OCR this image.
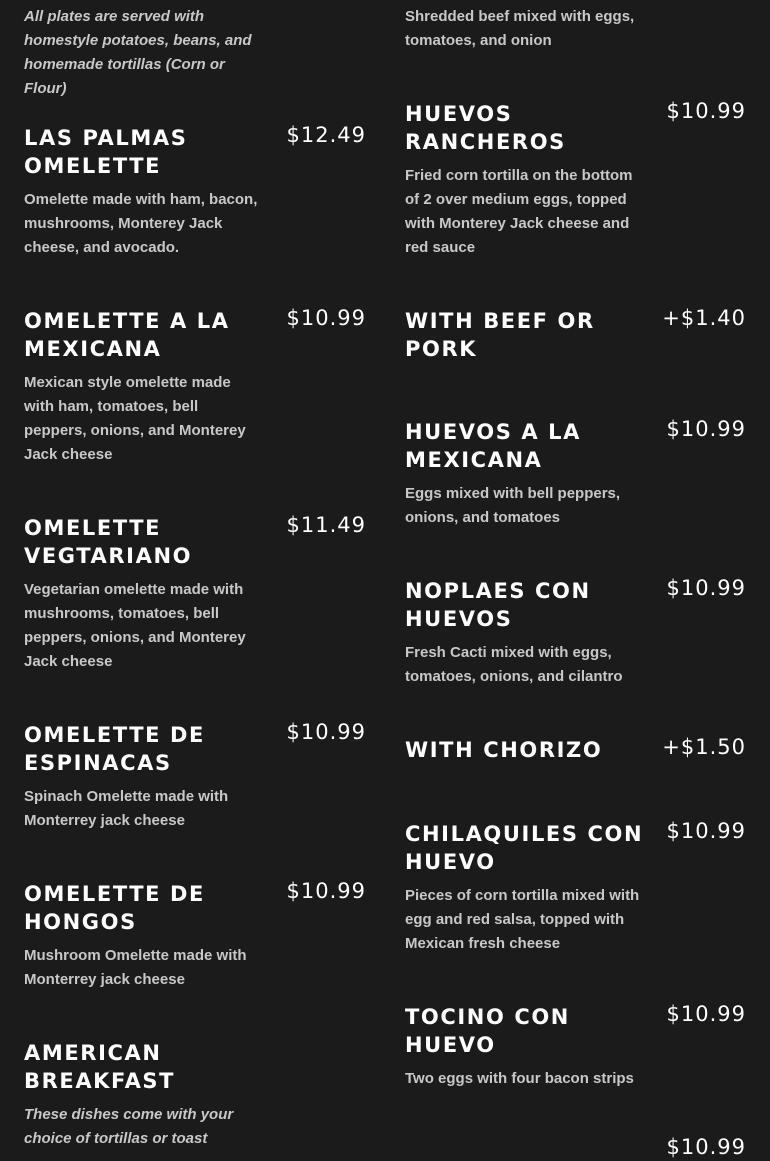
All plates are served with homestyle potatoes, beans, and homemade tortillas (Corn or Flour)
LAS PALMAS OMELETTE
$12.49
Omelette made with ham, bacon, mushrooms, Monterey Jack cheese, and avocado.
OMELETTE A LA MEXICANA
$10.99
Mexican style omelette made with ham, tomatoes, bell peppers, onions, and Monterey Jack cheese
OMELETTE VEGTARIANO
$11.49
Vegetarian omelette made with mushrooms, tomatoes, bell peppers, onions, and Monterey Jack cheese
OMELETTE DE ESPINACAS
$10.99
Spinach Omelette made with Monterrey jack cheese
OMELETTE DE HONGOS
$10.99
Mushroom Omelette made with Monterrey jack cheese
AMERICAN BREAKFAST
These dishes come with your choice of tortillas or toast
Shredded beef mixed with eggs, tomatoes, and onion
HUEVOS RANCHEROS
$10.99
Fried corn tortilla on the bottom of 2 over medium eggs, topped with Monterey Jack cheese and red sauce
WITH BEEF OR PORK
+$1.40
HUEVOS A LA MEXICANA
$10.99
Eggs mixed with bell peppers, onions, and tomatoes
NOPLAES CON HUEVOS
$10.99
Fresh Cacti mixed with eggs, tomatoes, onions, and cilantro
WITH CHORIZO	+$1.50
CHILAQUILES CON HUEVO
$10.99
Pieces of corn tortilla mixed with egg and red salsa, topped with Mexican fresh cheese
TOCINO CON HUEVO
$10.99
Two eggs with four bacon strips
$10.99
